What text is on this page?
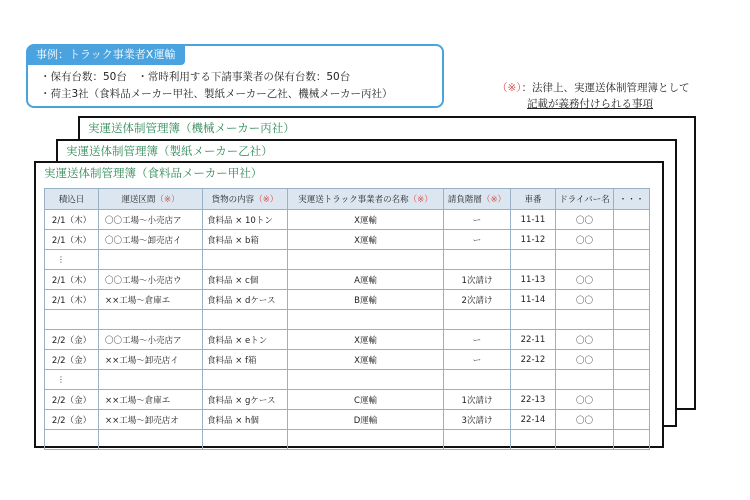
事例：トラック事業者X運輸
・保有台数：50台　・常時利用する下請事業者の保有台数：50台
・荷主3社（食料品メーカー甲社、製紙メーカー乙社、機械メーカー丙社）	（※）：法律上、実運送体制管理簿として
記載が義務付けられる事項
実運送体制管理簿（機械メーカー丙社）
実運送体制管理簿（製紙メーカー乙社）
実運送体制管理簿（食料品メーカー甲社）
積込日	運送区間（※）	貨物の内容（※）	実運送トラック事業者の名称（※）	請負階層（※）	車番	ドライバー名	・・・
2/1（木）	〇〇工場～小売店ア	食料品 × 10トン	X運輸	ー	11-11	〇〇	
2/1（木）	〇〇工場～卸売店イ	食料品 × b箱	X運輸	ー	11-12	〇〇	
⋮							
2/1（木）	〇〇工場～小売店ウ	食料品 × c個	A運輸	1次請け	11-13	〇〇	
2/1（木）	××工場～倉庫エ	食料品 × dケース	B運輸	2次請け	11-14	〇〇	

2/2（金）	〇〇工場～小売店ア	食料品 × eトン	X運輸	ー	22-11	〇〇	
2/2（金）	××工場～卸売店イ	食料品 × f箱	X運輸	ー	22-12	〇〇	
⋮							
2/2（金）	××工場～倉庫エ	食料品 × gケース	C運輸	1次請け	22-13	〇〇	
2/2（金）	××工場～卸売店オ	食料品 × h個	D運輸	3次請け	22-14	〇〇	
